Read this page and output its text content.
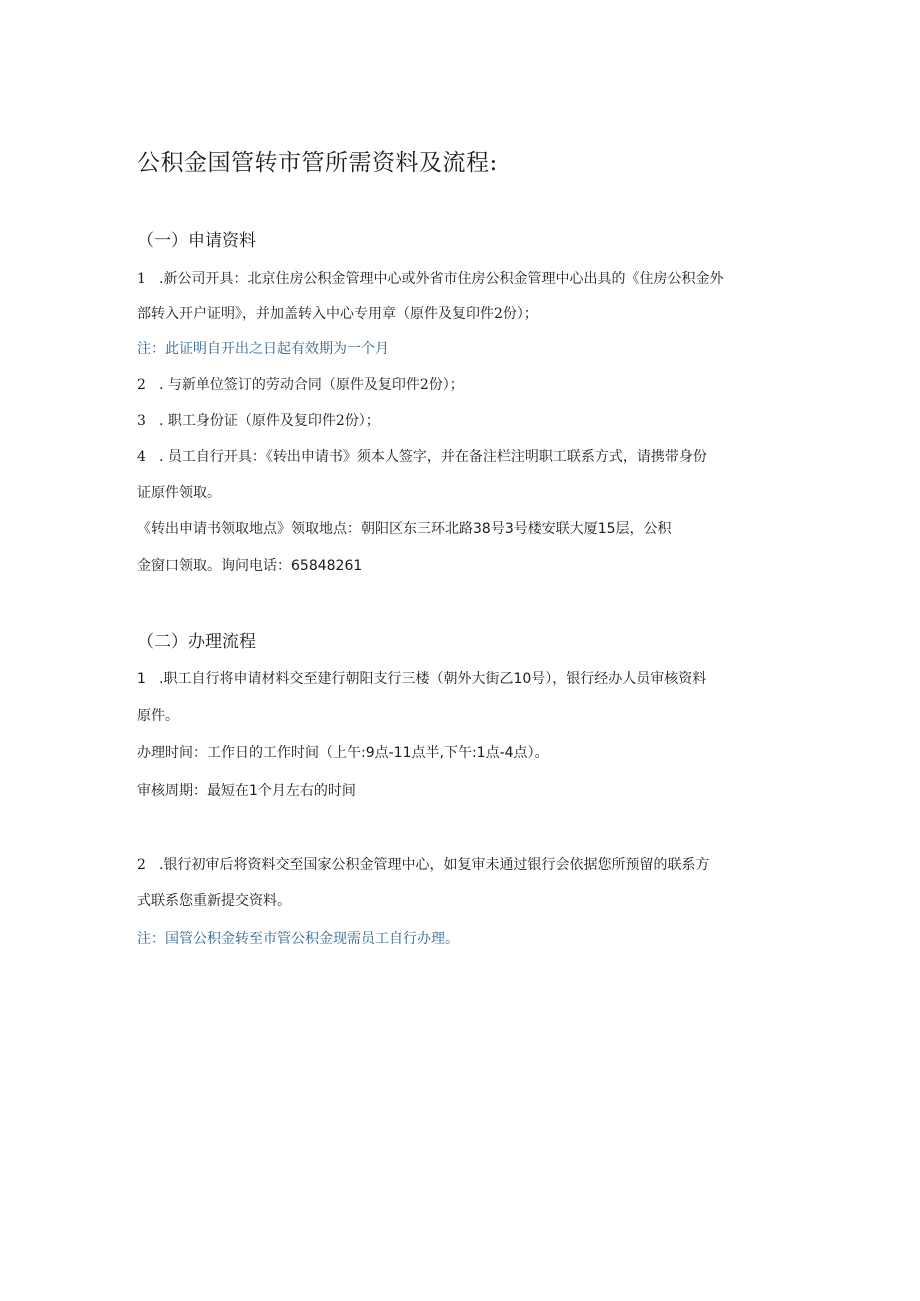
公积金国管转市管所需资料及流程:
（一）申请资料
1 .新公司开具：北京住房公积金管理中心或外省市住房公积金管理中心出具的《住房公积金外
部转入开户证明》，并加盖转入中心专用章（原件及复印件2份）；
注：此证明自开出之日起有效期为一个月
2 . 与新单位签订的劳动合同（原件及复印件2份）；
3 . 职工身份证（原件及复印件2份）；
4 . 员工自行开具：《转出申请书》须本人签字，并在备注栏注明职工联系方式，请携带身份
证原件领取。
《转出申请书领取地点》领取地点：朝阳区东三环北路38号3号楼安联大厦15层，公积
金窗口领取。询问电话：65848261
（二）办理流程
1 .职工自行将申请材料交至建行朝阳支行三楼（朝外大街乙10号），银行经办人员审核资料
原件。
办理时间：工作日的工作时间（上午:9点-11点半,下午:1点-4点）。
审核周期：最短在1个月左右的时间
2 .银行初审后将资料交至国家公积金管理中心，如复审未通过银行会依据您所预留的联系方
式联系您重新提交资料。
注：国管公积金转至市管公积金现需员工自行办理。
